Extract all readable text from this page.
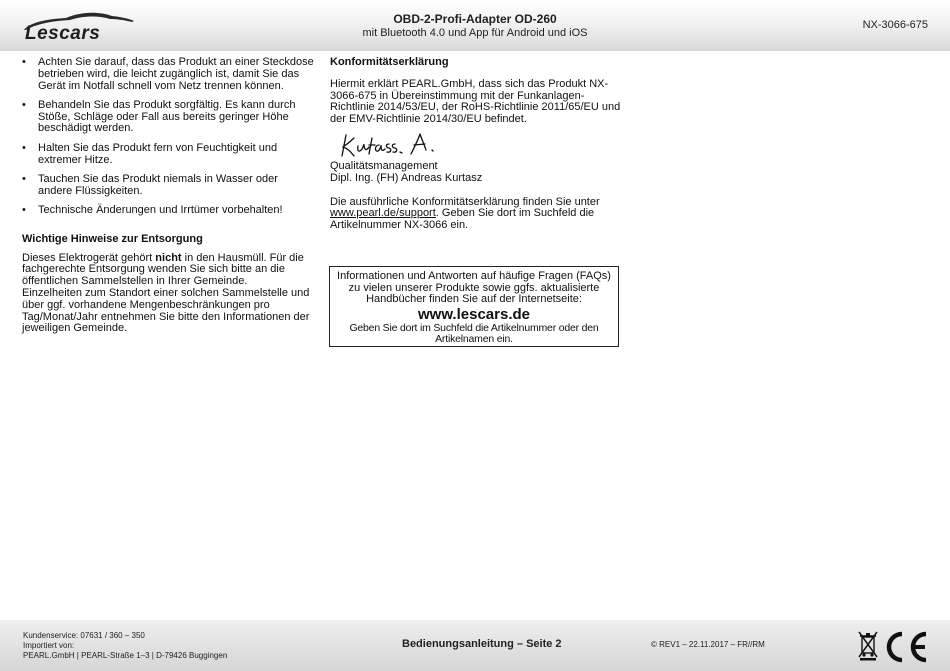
Lescars
OBD-2-Profi-Adapter OD-260
mit Bluetooth 4.0 und App für Android und iOS
NX-3066-675
• Achten Sie darauf, dass das Produkt an einer Steckdose betrieben wird, die leicht zugänglich ist, damit Sie das Gerät im Notfall schnell vom Netz trennen können.
• Behandeln Sie das Produkt sorgfältig. Es kann durch Stöße, Schläge oder Fall aus bereits geringer Höhe beschädigt werden.
• Halten Sie das Produkt fern von Feuchtigkeit und extremer Hitze.
• Tauchen Sie das Produkt niemals in Wasser oder andere Flüssigkeiten.
• Technische Änderungen und Irrtümer vorbehalten!
Wichtige Hinweise zur Entsorgung

Dieses Elektrogerät gehört nicht in den Hausmüll. Für die fachgerechte Entsorgung wenden Sie sich bitte an die öffentlichen Sammelstellen in Ihrer Gemeinde.

Einzelheiten zum Standort einer solchen Sammelstelle und über ggf. vorhandene Mengenbeschränkungen pro Tag/Monat/Jahr entnehmen Sie bitte den Informationen der jeweiligen Gemeinde.

Konformitätserklärung

Hiermit erklärt PEARL.GmbH, dass sich das Produkt NX-3066-675 in Übereinstimmung mit der Funkanlagen-Richtlinie 2014/53/EU, der RoHS-Richtlinie 2011/65/EU und der EMV-Richtlinie 2014/30/EU befindet.

Qualitätsmanagement

Dipl. Ing. (FH) Andreas Kurtasz

Die ausführliche Konformitätserklärung finden Sie unter www.pearl.de/support. Geben Sie dort im Suchfeld die Artikelnummer NX-3066 ein.

Informationen und Antworten auf häufige Fragen (FAQs) zu vielen unserer Produkte sowie ggfs. aktualisierte Handbücher finden Sie auf der Internetseite:
www.lescars.de
Geben Sie dort im Suchfeld die Artikelnummer oder den Artikelnamen ein.
Kundenservice: 07631 / 360 – 350
Importiert von:
PEARL.GmbH | PEARL-Straße 1–3 | D-79426 Buggingen
Bedienungsanleitung – Seite 2	© REV1 – 22.11.2017 – FR//RM
